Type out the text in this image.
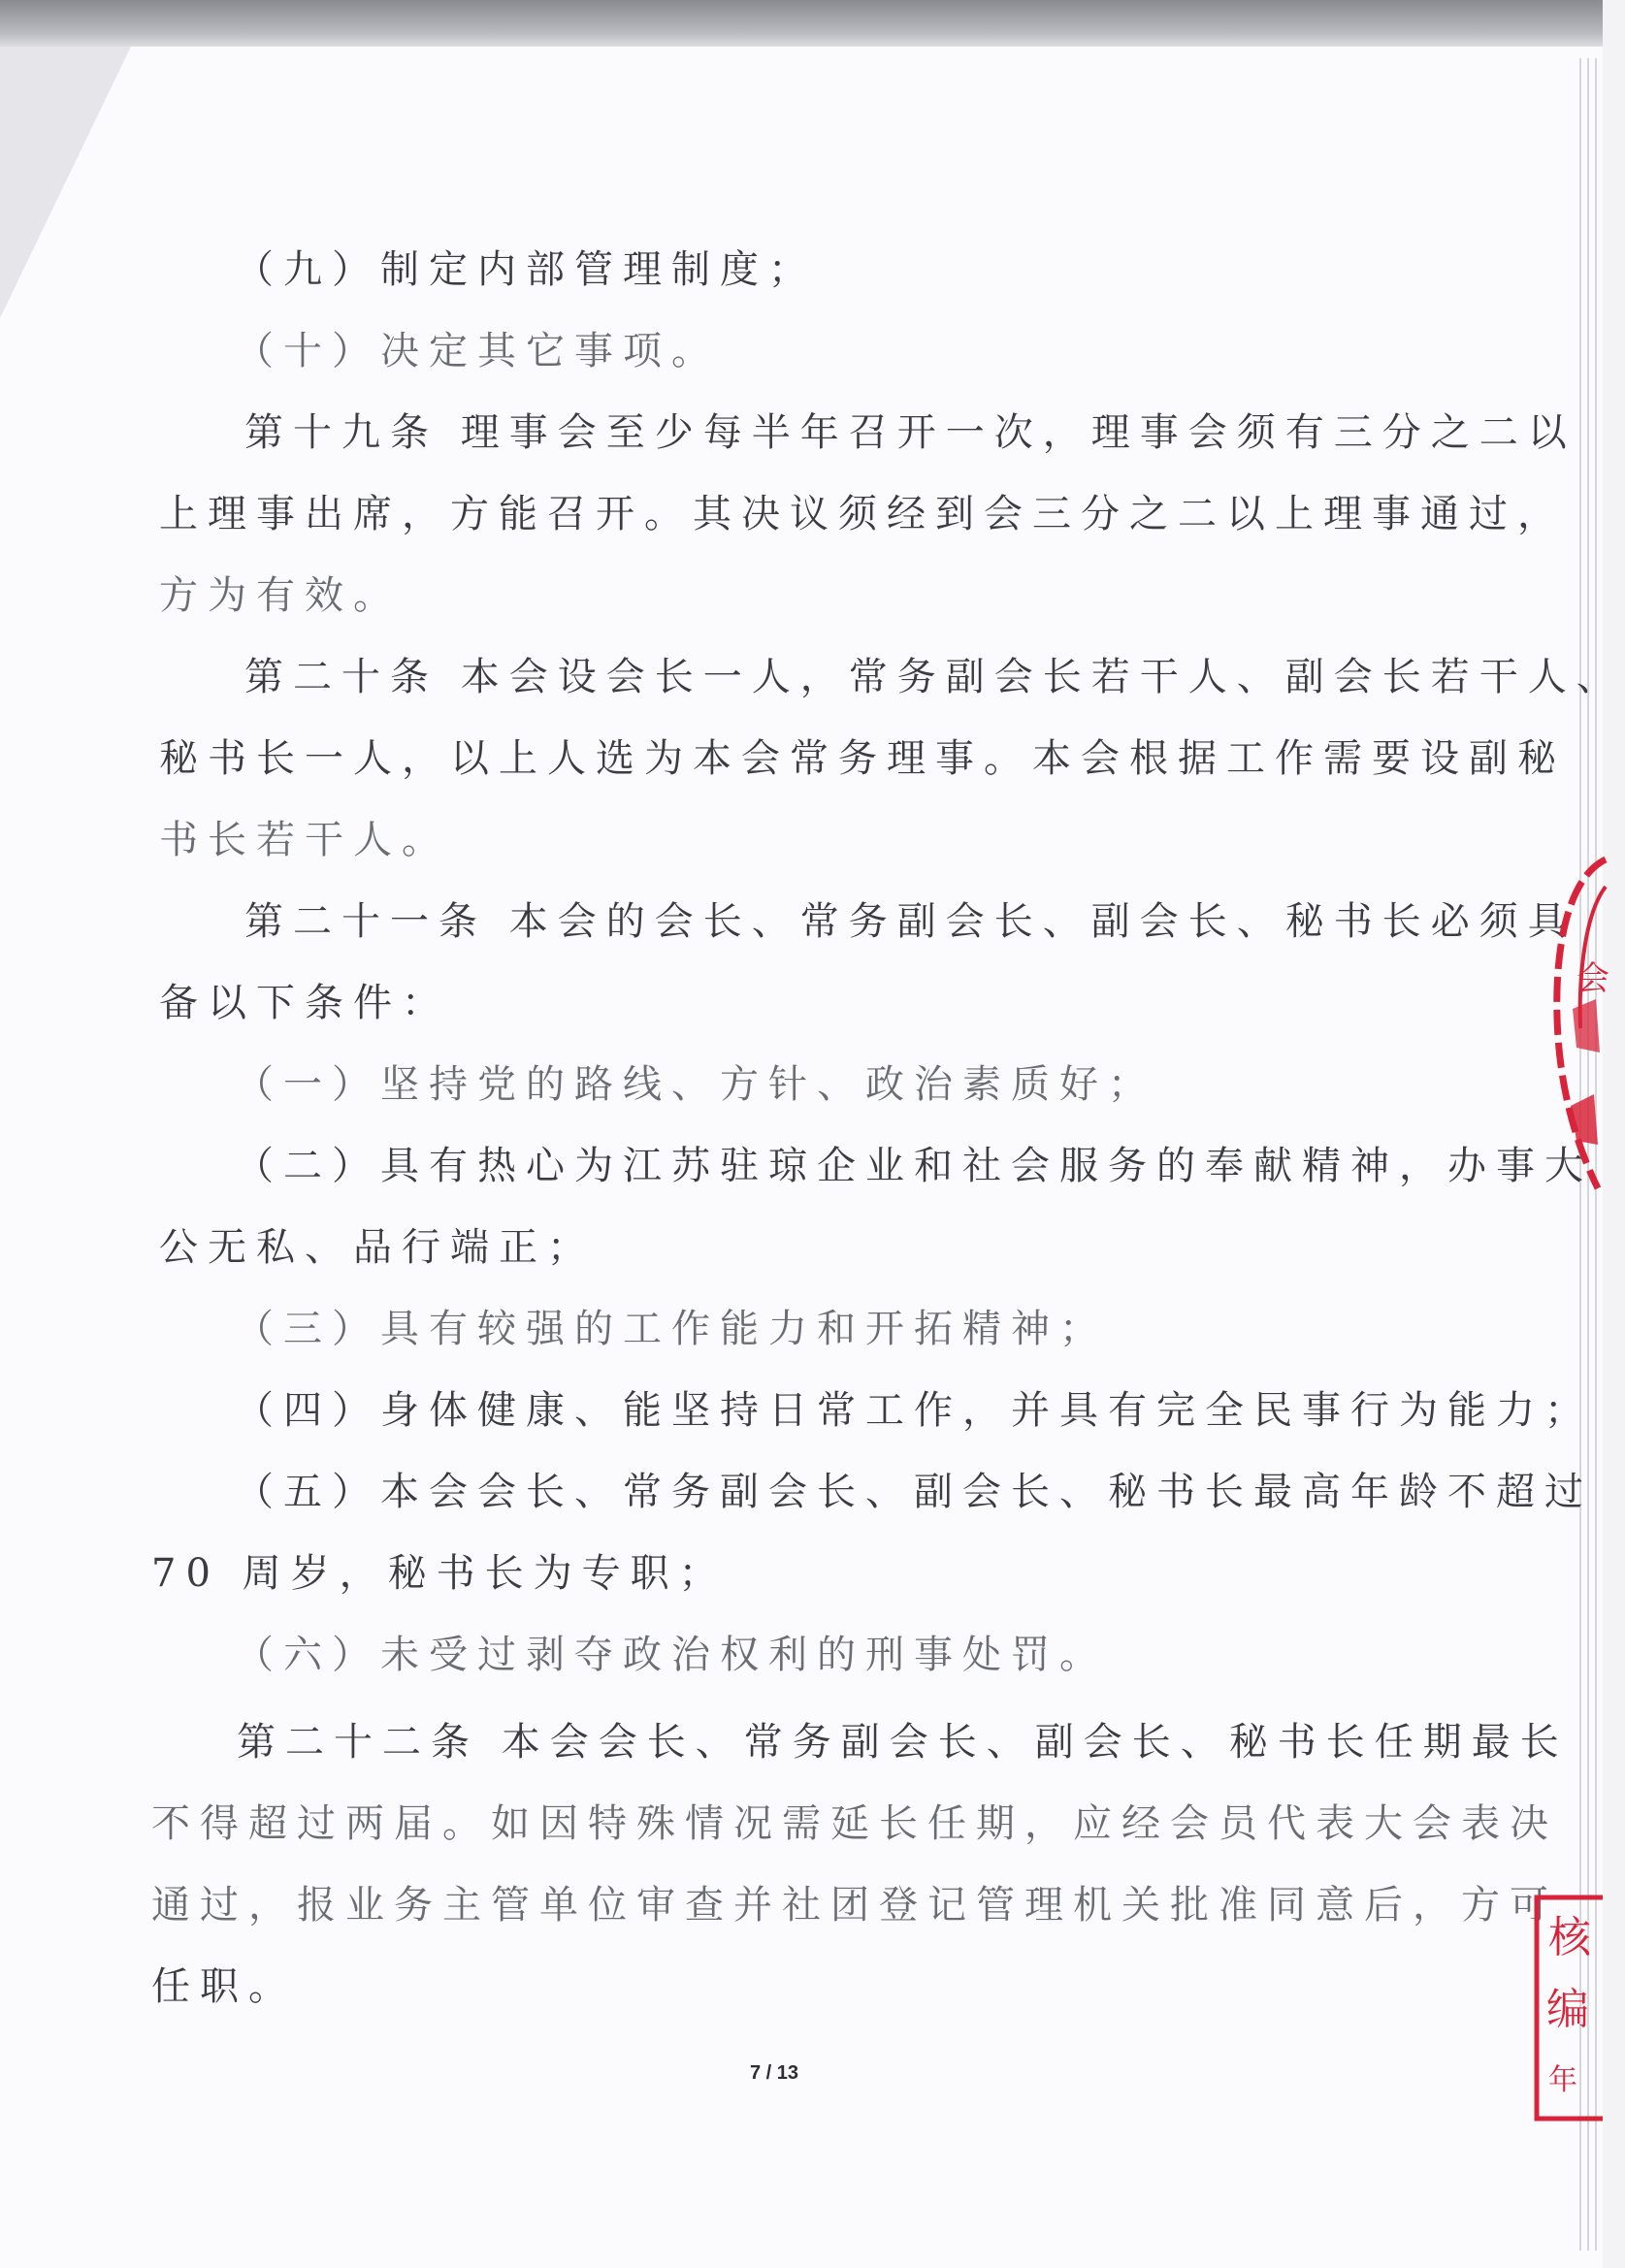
（九）制定内部管理制度；

（十）决定其它事项。

第十九条 理事会至少每半年召开一次，理事会须有三分之二以

上理事出席，方能召开。其决议须经到会三分之二以上理事通过，

方为有效。

第二十条 本会设会长一人，常务副会长若干人、副会长若干人、

秘书长一人，以上人选为本会常务理事。本会根据工作需要设副秘

书长若干人。

第二十一条 本会的会长、常务副会长、副会长、秘书长必须具

备以下条件：

（一）坚持党的路线、方针、政治素质好；

（二）具有热心为江苏驻琼企业和社会服务的奉献精神，办事大

公无私、品行端正；

（三）具有较强的工作能力和开拓精神；

（四）身体健康、能坚持日常工作，并具有完全民事行为能力；

（五）本会会长、常务副会长、副会长、秘书长最高年龄不超过

70 周岁，秘书长为专职；

（六）未受过剥夺政治权利的刑事处罚。

第二十二条 本会会长、常务副会长、副会长、秘书长任期最长

不得超过两届。如因特殊情况需延长任期，应经会员代表大会表决

通过，报业务主管单位审查并社团登记管理机关批准同意后，方可

任职。

7 / 13
会
核
编
年
